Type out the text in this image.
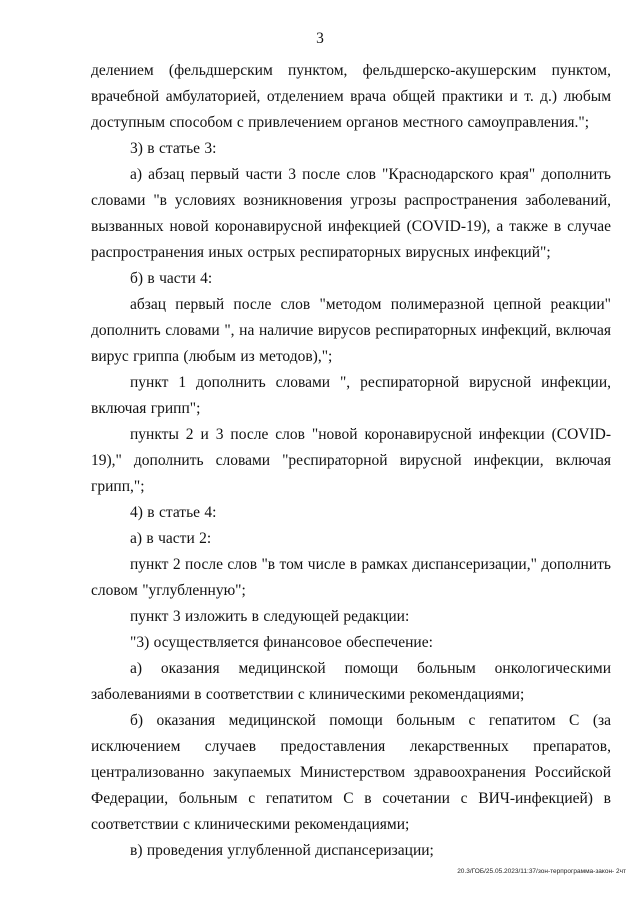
3

делением (фельдшерским пунктом, фельдшерско-акушерским пунктом, врачебной амбулаторией, отделением врача общей практики и т. д.) любым доступным способом с привлечением органов местного самоуправления.";

3) в статье 3:

а) абзац первый части 3 после слов "Краснодарского края" дополнить словами "в условиях возникновения угрозы распространения заболеваний, вызванных новой коронавирусной инфекцией (COVID-19), а также в случае распространения иных острых респираторных вирусных инфекций";

б) в части 4:

абзац первый после слов "методом полимеразной цепной реакции" дополнить словами ", на наличие вирусов респираторных инфекций, включая вирус гриппа (любым из методов),";

пункт 1 дополнить словами ", респираторной вирусной инфекции, включая грипп";

пункты 2 и 3 после слов "новой коронавирусной инфекции (COVID-19)," дополнить словами "респираторной вирусной инфекции, включая грипп,";

4) в статье 4:

а) в части 2:

пункт 2 после слов "в том числе в рамках диспансеризации," дополнить словом "углубленную";

пункт 3 изложить в следующей редакции:

"3) осуществляется финансовое обеспечение:

а) оказания медицинской помощи больным онкологическими заболеваниями в соответствии с клиническими рекомендациями;

б) оказания медицинской помощи больным с гепатитом С (за исключением случаев предоставления лекарственных препаратов, централизованно закупаемых Министерством здравоохранения Российской Федерации, больным с гепатитом С в сочетании с ВИЧ-инфекцией) в соответствии с клиническими рекомендациями;

в) проведения углубленной диспансеризации;

20.3/ГОБ/25.05.2023/11:37/зон-терпрограмма-закон- 2чт
